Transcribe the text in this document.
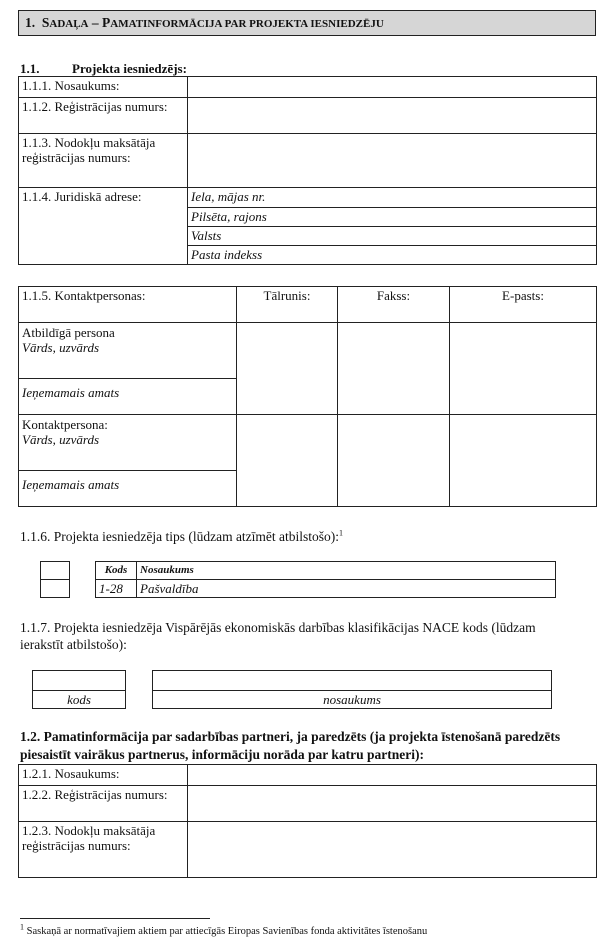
1. SADAĻA – PAMATINFORMĀCIJA PAR PROJEKTA IESNIEDZĒJU
1.1.	Projekta iesniedzējs:
1.1.1. Nosaukums:	
1.1.2. Reģistrācijas numurs:	
1.1.3. Nodokļu maksātāja reģistrācijas numurs:	
1.1.4. Juridiskā adrese:	Iela, mājas nr.
	Pilsēta, rajons
	Valsts
	Pasta indekss
1.1.5. Kontaktpersonas:	Tālrunis:	Fakss:	E-pasts:

Atbildīgā persona
Vārds, uzvārds			

Ieņemamais amats			

Kontaktpersona:
Vārds, uzvārds			

Ieņemamais amats			
1.1.6. Projekta iesniedzēja tips (lūdzam atzīmēt atbilstošo):$^1$

Kods	Nosaukums
1-28	Pašvaldība
1.1.7. Projekta iesniedzēja Vispārējās ekonomiskās darbības klasifikācijas NACE kods (lūdzam ierakstīt atbilstošo):

kods	nosaukums
1.2. Pamatinformācija par sadarbības partneri, ja paredzēts (ja projekta īstenošanā paredzēts piesaistīt vairākus partnerus, informāciju norāda par katru partneri):
1.2.1. Nosaukums:	
1.2.2. Reģistrācijas numurs:	
1.2.3. Nodokļu maksātāja reģistrācijas numurs:	
$^1$ Saskaņā ar normatīvajiem aktiem par attiecīgās Eiropas Savienības fonda aktivitātes īstenošanu
